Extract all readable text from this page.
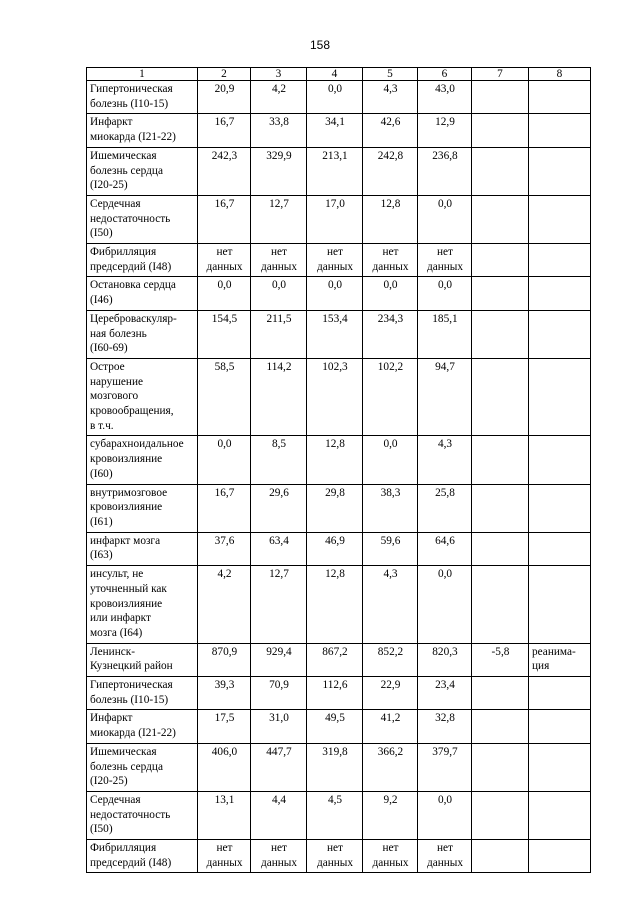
158
1	2	3	4	5	6	7	8
Гипертоническая
болезнь (I10-15)	20,9	4,2	0,0	4,3	43,0		
Инфаркт
миокарда (I21-22)	16,7	33,8	34,1	42,6	12,9		
Ишемическая
болезнь сердца
(I20-25)	242,3	329,9	213,1	242,8	236,8		
Сердечная
недостаточность
(I50)	16,7	12,7	17,0	12,8	0,0		
Фибрилляция
предсердий (I48)	нет данных	нет данных	нет данных	нет данных	нет данных		
Остановка сердца
(I46)	0,0	0,0	0,0	0,0	0,0		
Цереброваскуляр-
ная болезнь
(I60-69)	154,5	211,5	153,4	234,3	185,1		
Острое
нарушение
мозгового
кровообращения,
в т.ч.	58,5	114,2	102,3	102,2	94,7		
субарахноидальное
кровоизлияние
(I60)	0,0	8,5	12,8	0,0	4,3		
внутримозговое
кровоизлияние
(I61)	16,7	29,6	29,8	38,3	25,8		
инфаркт мозга
(I63)	37,6	63,4	46,9	59,6	64,6		
инсульт, не
уточненный как
кровоизлияние
или инфаркт
мозга (I64)	4,2	12,7	12,8	4,3	0,0		
Ленинск-
Кузнецкий район	870,9	929,4	867,2	852,2	820,3	-5,8	реанима-
ция
Гипертоническая
болезнь (I10-15)	39,3	70,9	112,6	22,9	23,4		
Инфаркт
миокарда (I21-22)	17,5	31,0	49,5	41,2	32,8		
Ишемическая
болезнь сердца
(I20-25)	406,0	447,7	319,8	366,2	379,7		
Сердечная
недостаточность
(I50)	13,1	4,4	4,5	9,2	0,0		
Фибрилляция
предсердий (I48)	нет данных	нет данных	нет данных	нет данных	нет данных		
